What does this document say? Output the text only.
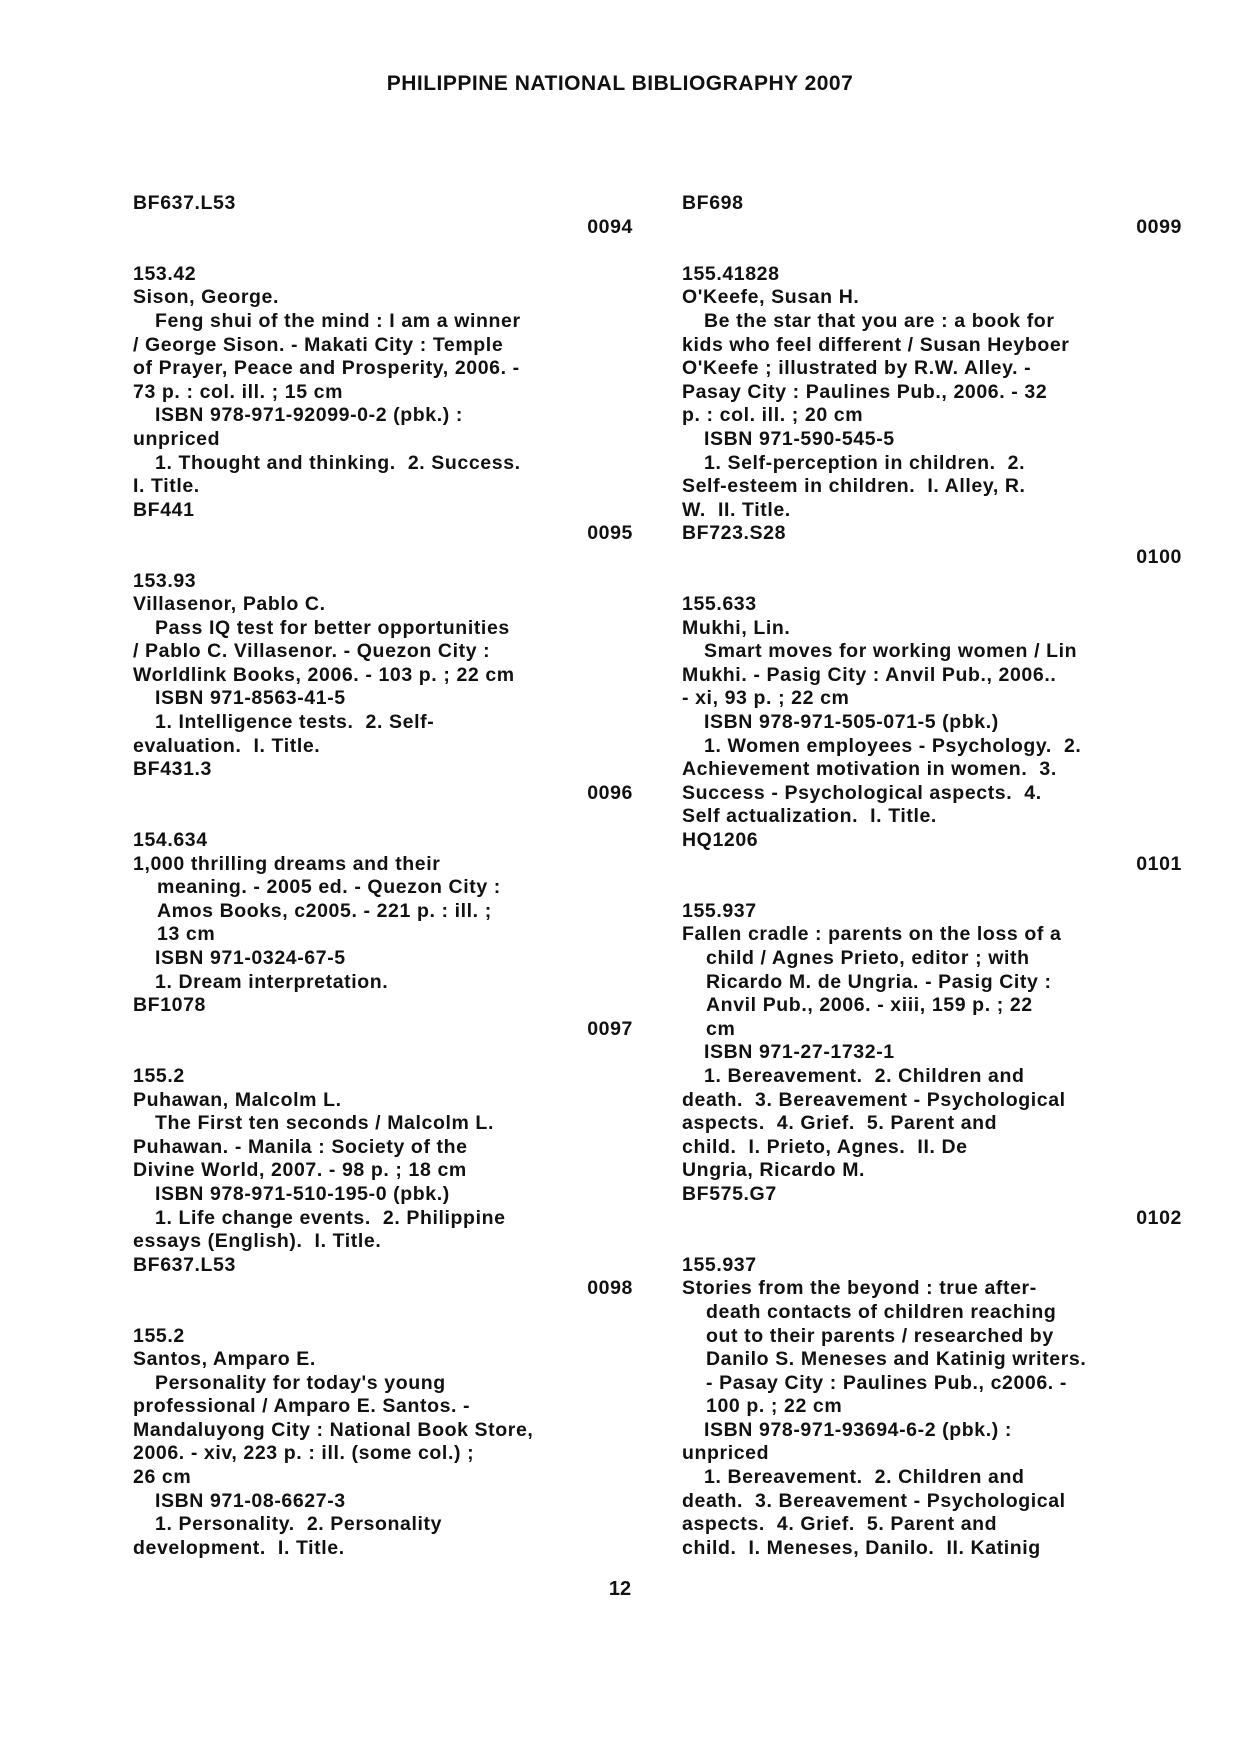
PHILIPPINE NATIONAL BIBLIOGRAPHY 2007
BF637.L53
0094
153.42
Sison, George.
Feng shui of the mind : I am a winner
/ George Sison. - Makati City : Temple
of Prayer, Peace and Prosperity, 2006. -
73 p. : col. ill. ; 15 cm
ISBN 978-971-92099-0-2 (pbk.) :
unpriced
1. Thought and thinking.  2. Success.
I. Title.
BF441
0095
153.93
Villasenor, Pablo C.
Pass IQ test for better opportunities
/ Pablo C. Villasenor. - Quezon City :
Worldlink Books, 2006. - 103 p. ; 22 cm
ISBN 971-8563-41-5
1. Intelligence tests.  2. Self-
evaluation.  I. Title.
BF431.3
0096
154.634
1,000 thrilling dreams and their
meaning. - 2005 ed. - Quezon City :
Amos Books, c2005. - 221 p. : ill. ;
13 cm
ISBN 971-0324-67-5
1. Dream interpretation.
BF1078
0097
155.2
Puhawan, Malcolm L.
The First ten seconds / Malcolm L.
Puhawan. - Manila : Society of the
Divine World, 2007. - 98 p. ; 18 cm
ISBN 978-971-510-195-0 (pbk.)
1. Life change events.  2. Philippine
essays (English).  I. Title.
BF637.L53
0098
155.2
Santos, Amparo E.
Personality for today's young
professional / Amparo E. Santos. -
Mandaluyong City : National Book Store,
2006. - xiv, 223 p. : ill. (some col.) ;
26 cm
ISBN 971-08-6627-3
1. Personality.  2. Personality
development.  I. Title.
BF698
0099
155.41828
O'Keefe, Susan H.
Be the star that you are : a book for
kids who feel different / Susan Heyboer
O'Keefe ; illustrated by R.W. Alley. -
Pasay City : Paulines Pub., 2006. - 32
p. : col. ill. ; 20 cm
ISBN 971-590-545-5
1. Self-perception in children.  2.
Self-esteem in children.  I. Alley, R.
W.  II. Title.
BF723.S28
0100
155.633
Mukhi, Lin.
Smart moves for working women / Lin
Mukhi. - Pasig City : Anvil Pub., 2006..
- xi, 93 p. ; 22 cm
ISBN 978-971-505-071-5 (pbk.)
1. Women employees - Psychology.  2.
Achievement motivation in women.  3.
Success - Psychological aspects.  4.
Self actualization.  I. Title.
HQ1206
0101
155.937
Fallen cradle : parents on the loss of a
child / Agnes Prieto, editor ; with
Ricardo M. de Ungria. - Pasig City :
Anvil Pub., 2006. - xiii, 159 p. ; 22
cm
ISBN 971-27-1732-1
1. Bereavement.  2. Children and
death.  3. Bereavement - Psychological
aspects.  4. Grief.  5. Parent and
child.  I. Prieto, Agnes.  II. De
Ungria, Ricardo M.
BF575.G7
0102
155.937
Stories from the beyond : true after-
death contacts of children reaching
out to their parents / researched by
Danilo S. Meneses and Katinig writers.
- Pasay City : Paulines Pub., c2006. -
100 p. ; 22 cm
ISBN 978-971-93694-6-2 (pbk.) :
unpriced
1. Bereavement.  2. Children and
death.  3. Bereavement - Psychological
aspects.  4. Grief.  5. Parent and
child.  I. Meneses, Danilo.  II. Katinig
12
